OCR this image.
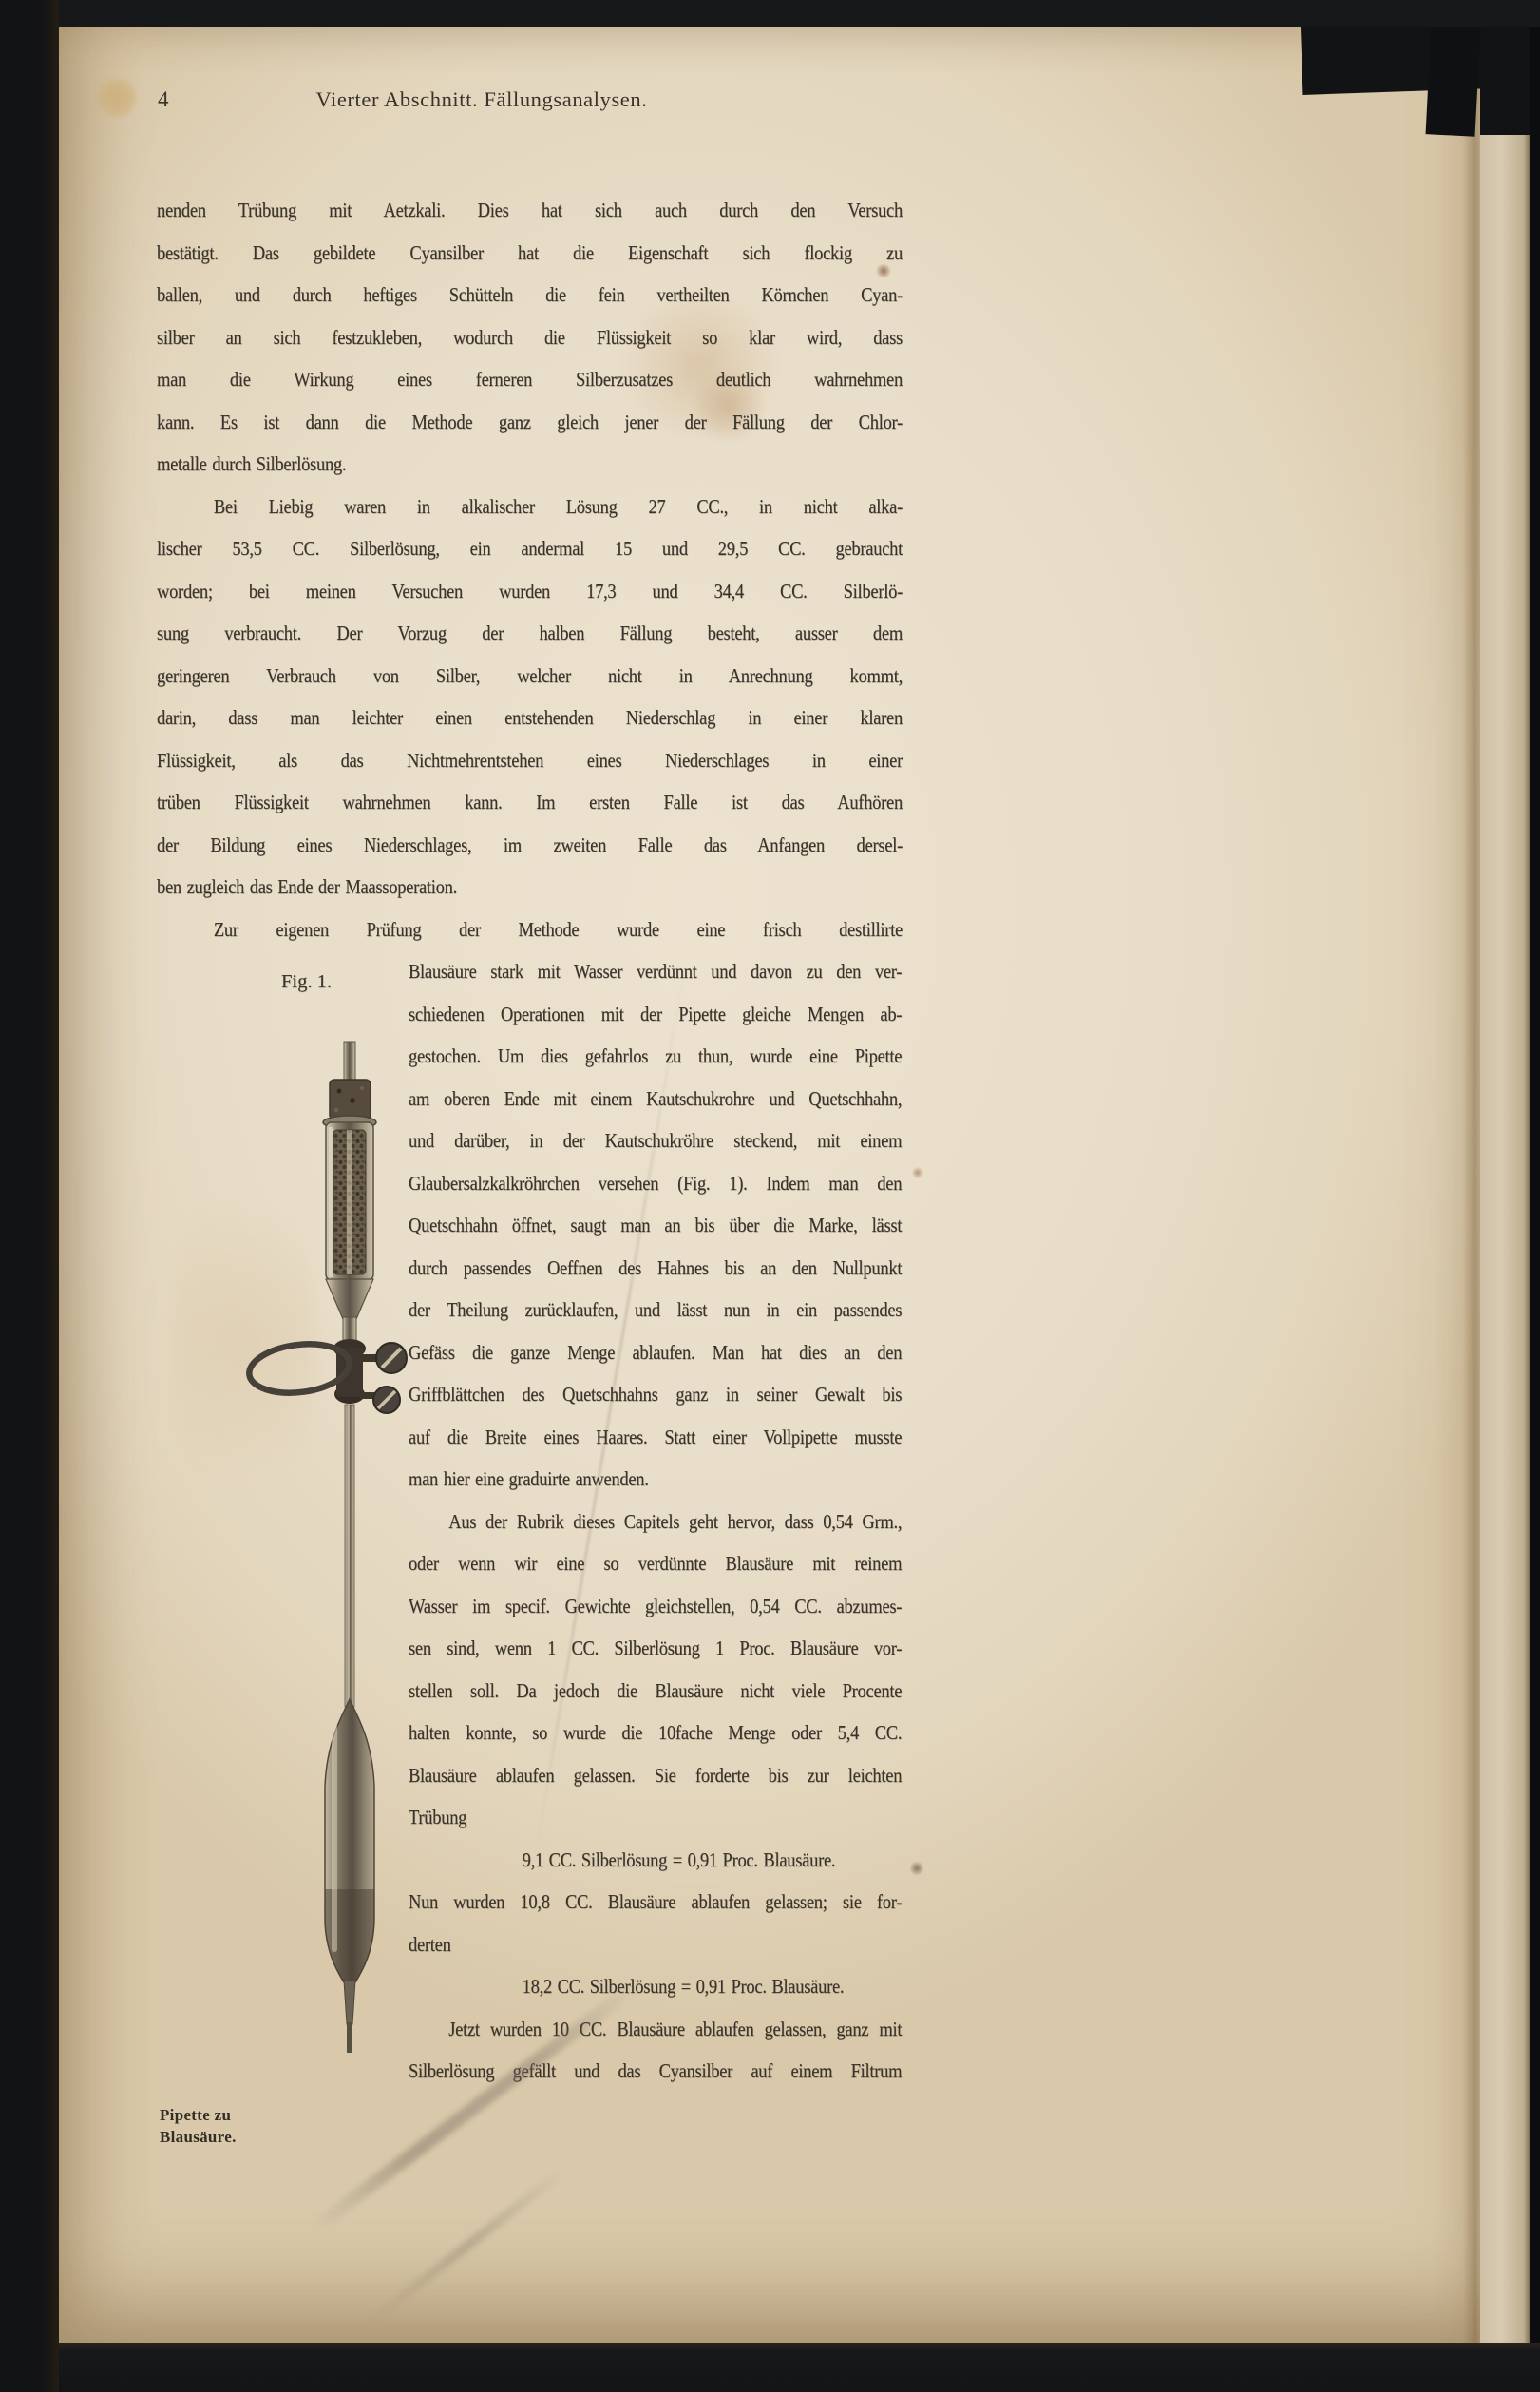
4	Vierter Abschnitt. Fällungsanalysen.
nenden Trübung mit Aetzkali. Dies hat sich auch durch den Versuch
bestätigt. Das gebildete Cyansilber hat die Eigenschaft sich flockig zu
ballen, und durch heftiges Schütteln die fein vertheilten Körnchen Cyan-
silber an sich festzukleben, wodurch die Flüssigkeit so klar wird, dass
man die Wirkung eines ferneren Silberzusatzes deutlich wahrnehmen
kann. Es ist dann die Methode ganz gleich jener der Fällung der Chlor-
metalle durch Silberlösung.
Bei Liebig waren in alkalischer Lösung 27 CC., in nicht alka-
lischer 53,5 CC. Silberlösung, ein andermal 15 und 29,5 CC. gebraucht
worden; bei meinen Versuchen wurden 17,3 und 34,4 CC. Silberlö-
sung verbraucht. Der Vorzug der halben Fällung besteht, ausser dem
geringeren Verbrauch von Silber, welcher nicht in Anrechnung kommt,
darin, dass man leichter einen entstehenden Niederschlag in einer klaren
Flüssigkeit, als das Nichtmehrentstehen eines Niederschlages in einer
trüben Flüssigkeit wahrnehmen kann. Im ersten Falle ist das Aufhören
der Bildung eines Niederschlages, im zweiten Falle das Anfangen dersel-
ben zugleich das Ende der Maassoperation.
Zur eigenen Prüfung der Methode wurde eine frisch destillirte
Fig. 1.
Pipette zu
Blausäure.
Blausäure stark mit Wasser verdünnt und davon zu den ver-
schiedenen Operationen mit der Pipette gleiche Mengen ab-
gestochen. Um dies gefahrlos zu thun, wurde eine Pipette
am oberen Ende mit einem Kautschukrohre und Quetschhahn,
und darüber, in der Kautschukröhre steckend, mit einem
Glaubersalzkalkröhrchen versehen (Fig. 1). Indem man den
Quetschhahn öffnet, saugt man an bis über die Marke, lässt
durch passendes Oeffnen des Hahnes bis an den Nullpunkt
der Theilung zurücklaufen, und lässt nun in ein passendes
Gefäss die ganze Menge ablaufen. Man hat dies an den
Griffblättchen des Quetschhahns ganz in seiner Gewalt bis
auf die Breite eines Haares. Statt einer Vollpipette musste
man hier eine graduirte anwenden.
Aus der Rubrik dieses Capitels geht hervor, dass 0,54 Grm.,
oder wenn wir eine so verdünnte Blausäure mit reinem
Wasser im specif. Gewichte gleichstellen, 0,54 CC. abzumes-
sen sind, wenn 1 CC. Silberlösung 1 Proc. Blausäure vor-
stellen soll. Da jedoch die Blausäure nicht viele Procente
halten konnte, so wurde die 10fache Menge oder 5,4 CC.
Blausäure ablaufen gelassen. Sie forderte bis zur leichten
Trübung
9,1 CC. Silberlösung = 0,91 Proc. Blausäure.
Nun wurden 10,8 CC. Blausäure ablaufen gelassen; sie for-
derten
18,2 CC. Silberlösung = 0,91 Proc. Blausäure.
Jetzt wurden 10 CC. Blausäure ablaufen gelassen, ganz mit
Silberlösung gefällt und das Cyansilber auf einem Filtrum
